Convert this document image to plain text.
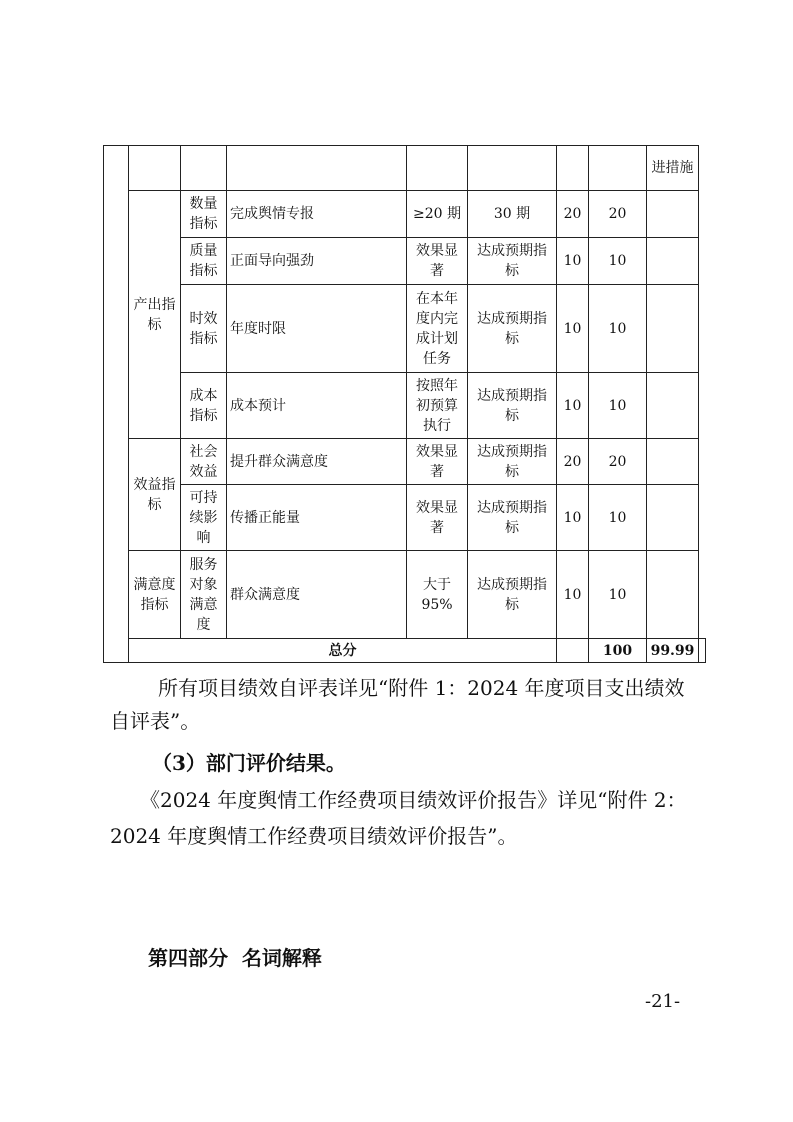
								进措施	
	产出指标	数量指标	完成舆情专报	≥20 期	30 期	20	20		
		质量指标	正面导向强劲	效果显著	达成预期指标	10	10		
		时效指标	年度时限	在本年度内完成计划任务	达成预期指标	10	10		
		成本指标	成本预计	按照年初预算执行	达成预期指标	10	10		
	效益指标	社会效益	提升群众满意度	效果显著	达成预期指标	20	20		
		可持续影响	传播正能量	效果显著	达成预期指标	10	10		
	满意度指标	服务对象满意度	群众满意度	大于95%	达成预期指标	10	10		
	总分						100	99.99	
所有项目绩效自评表详见“附件 1：2024 年度项目支出绩效
自评表”。
（3）部门评价结果。
《2024 年度舆情工作经费项目绩效评价报告》详见“附件 2：
2024 年度舆情工作经费项目绩效评价报告”。
第四部分  名词解释
-21-
